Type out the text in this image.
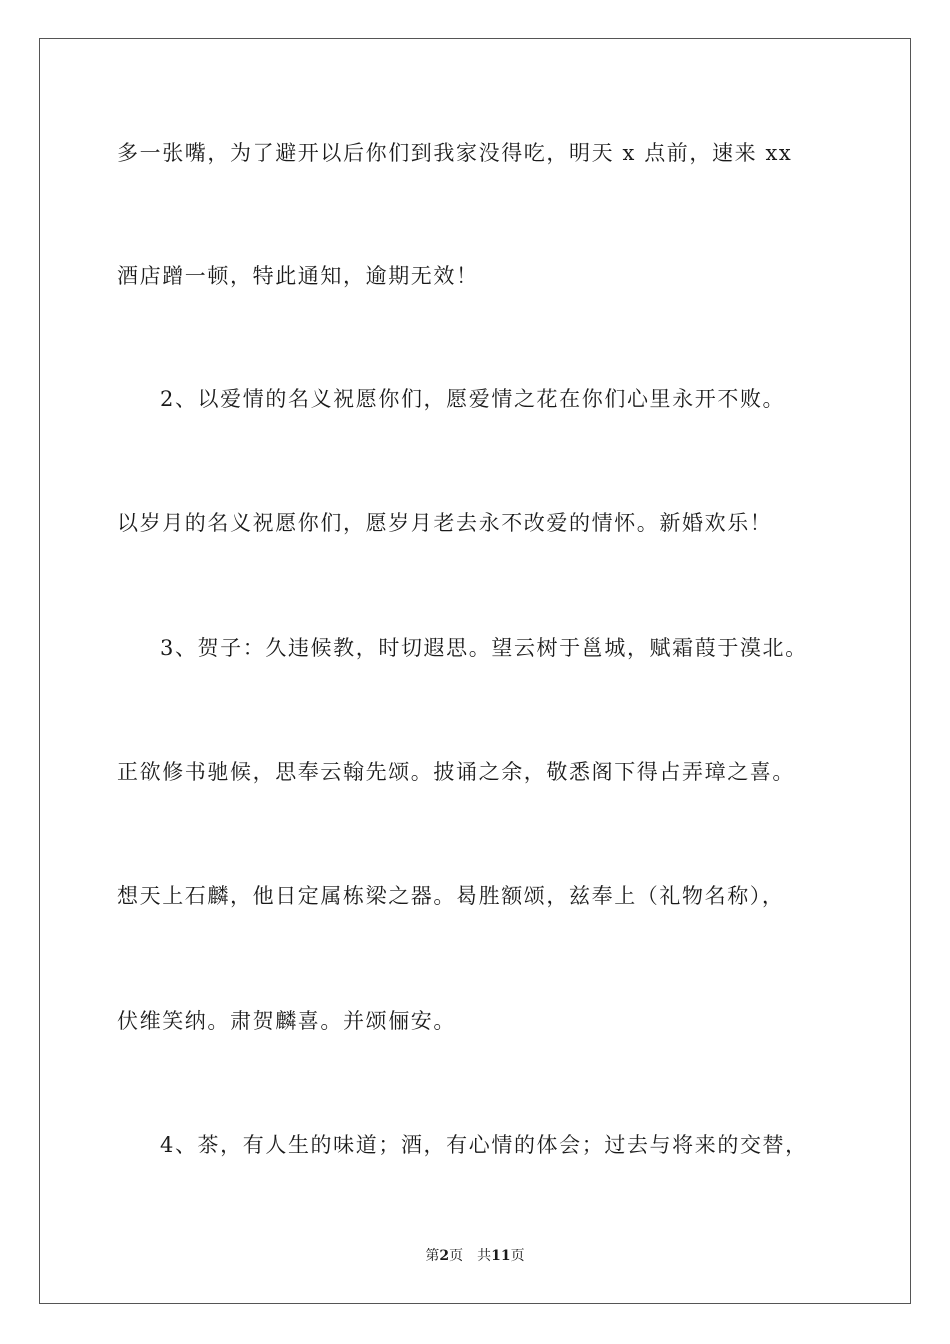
多一张嘴，为了避开以后你们到我家没得吃，明天 x 点前，速来 xx
酒店蹭一顿，特此通知，逾期无效！
2、以爱情的名义祝愿你们，愿爱情之花在你们心里永开不败。
以岁月的名义祝愿你们，愿岁月老去永不改爱的情怀。新婚欢乐！
3、贺子：久违候教，时切遐思。望云树于邕城，赋霜葭于漠北。
正欲修书驰候，思奉云翰先颂。披诵之余，敬悉阁下得占弄璋之喜。
想天上石麟，他日定属栋梁之器。曷胜额颂，兹奉上（礼物名称），
伏维笑纳。肃贺麟喜。并颂俪安。
4、茶，有人生的味道；酒，有心情的体会；过去与将来的交替，
第2页 共11页
